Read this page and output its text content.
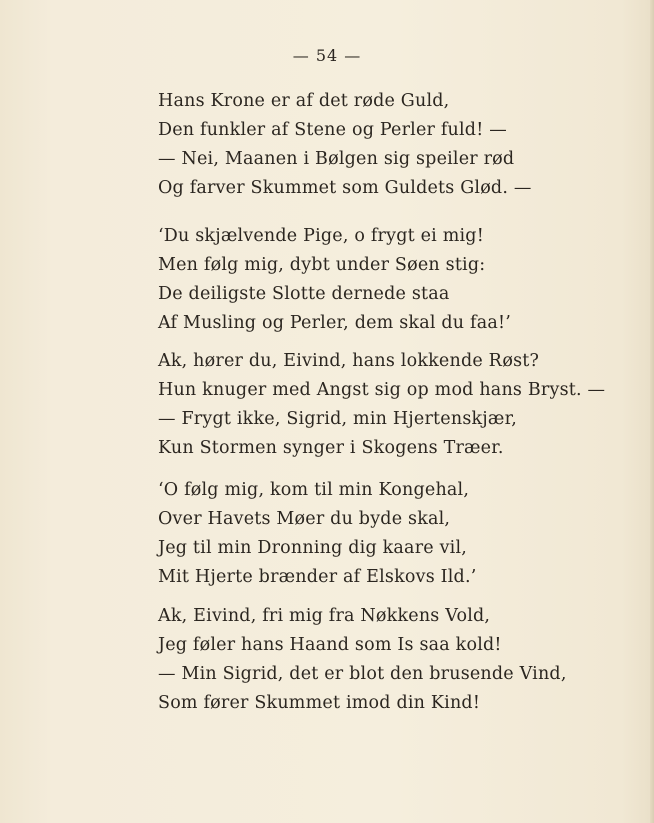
— 54 —
Hans Krone er af det røde Guld,
Den funkler af Stene og Perler fuld! —
— Nei, Maanen i Bølgen sig speiler rød
Og farver Skummet som Guldets Glød. —
‘Du skjælvende Pige, o frygt ei mig!
Men følg mig, dybt under Søen stig:
De deiligste Slotte dernede staa
Af Musling og Perler, dem skal du faa!’
Ak, hører du, Eivind, hans lokkende Røst?
Hun knuger med Angst sig op mod hans Bryst. —
— Frygt ikke, Sigrid, min Hjertenskjær,
Kun Stormen synger i Skogens Træer.
‘O følg mig, kom til min Kongehal,
Over Havets Møer du byde skal,
Jeg til min Dronning dig kaare vil,
Mit Hjerte brænder af Elskovs Ild.’
Ak, Eivind, fri mig fra Nøkkens Vold,
Jeg føler hans Haand som Is saa kold!
— Min Sigrid, det er blot den brusende Vind,
Som fører Skummet imod din Kind!
